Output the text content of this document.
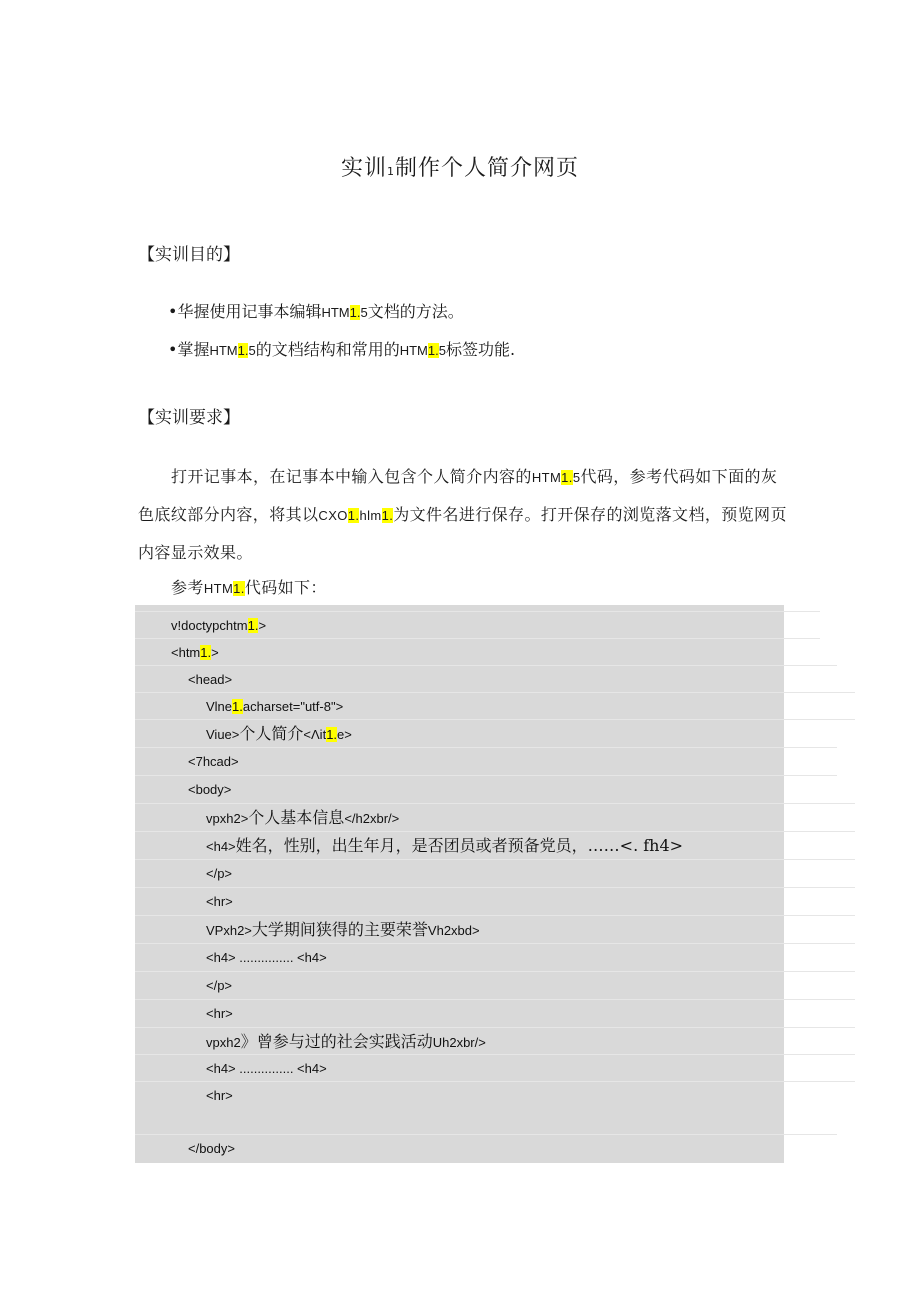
实训1制作个人简介网页
【实训目的】
•华握使用记事本编辑HTM1.5文档的方法。
•掌握HTM1.5的文档结构和常用的HTM1.5标签功能.
【实训要求】
打开记事本，在记事本中输入包含个人简介内容的HTM1.5代码，参考代码如下面的灰色底纹部分内容，将其以CXO1.hlm1.为文件名进行保存。打开保存的浏览落文档，预览网页内容显示效果。
参考HTM1.代码如下：
v!doctypchtm1.>
<htm1.>
<head>
Vlne1.acharset="utf-8">
Viue>个人简介<Λit1.e>
<7hcad>
<body>
vpxh2>个人基本信息</h2xbr/>
<h4>姓名，性别，出生年月，是否团员或者预备党员，……<. fh4>
</p>
<hr>
VPxh2>大学期间狭得的主要荣誉Vh2xbd>
<h4> ............... <h4>
</p>
<hr>
vpxh2》曾参与过的社会实践活动Uh2xbr/>
<h4> ............... <h4>
<hr>
</body>
